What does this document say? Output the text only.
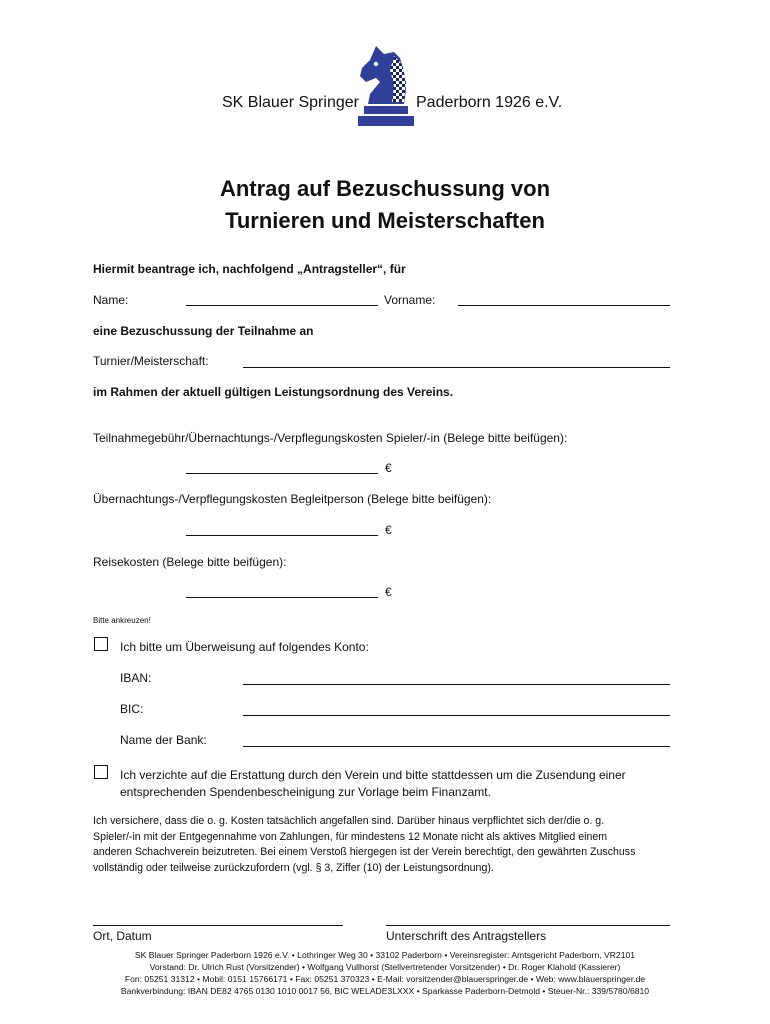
SK Blauer Springer	Paderborn 1926 e.V.
Antrag auf Bezuschussung von
Turnieren und Meisterschaften
Hiermit beantrage ich, nachfolgend „Antragsteller“, für
Name:	Vorname:
eine Bezuschussung der Teilnahme an
Turnier/Meisterschaft:
im Rahmen der aktuell gültigen Leistungsordnung des Vereins.
Teilnahmegebühr/Übernachtungs-/Verpflegungskosten Spieler/-in (Belege bitte beifügen):
€
Übernachtungs-/Verpflegungskosten Begleitperson (Belege bitte beifügen):
€
Reisekosten (Belege bitte beifügen):
€
Bitte ankreuzen!
Ich bitte um Überweisung auf folgendes Konto:
IBAN:
BIC:
Name der Bank:
Ich verzichte auf die Erstattung durch den Verein und bitte stattdessen um die Zusendung einer
entsprechenden Spendenbescheinigung zur Vorlage beim Finanzamt.
Ich versichere, dass die o. g. Kosten tatsächlich angefallen sind. Darüber hinaus verpflichtet sich der/die o. g.
Spieler/-in mit der Entgegennahme von Zahlungen, für mindestens 12 Monate nicht als aktives Mitglied einem
anderen Schachverein beizutreten. Bei einem Verstoß hiergegen ist der Verein berechtigt, den gewährten Zuschuss
vollständig oder teilweise zurückzufordern (vgl. § 3, Ziffer (10) der Leistungsordnung).
Ort, Datum	Unterschrift des Antragstellers
SK Blauer Springer Paderborn 1926 e.V. • Lothringer Weg 30 • 33102 Paderborn • Vereinsregister: Amtsgericht Paderborn, VR2101
Vorstand: Dr. Ulrich Rust (Vorsitzender) • Wolfgang Vullhorst (Stellvertretender Vorsitzender) • Dr. Roger Klahold (Kassierer)
Fon: 05251 31312 • Mobil: 0151 15766171 • Fax: 05251 370323 • E-Mail: vorsitzender@blauerspringer.de • Web: www.blauerspringer.de
Bankverbindung: IBAN DE82 4765 0130 1010 0017 56, BIC WELADE3LXXX • Sparkasse Paderborn-Detmold • Steuer-Nr.: 339/5780/6810
